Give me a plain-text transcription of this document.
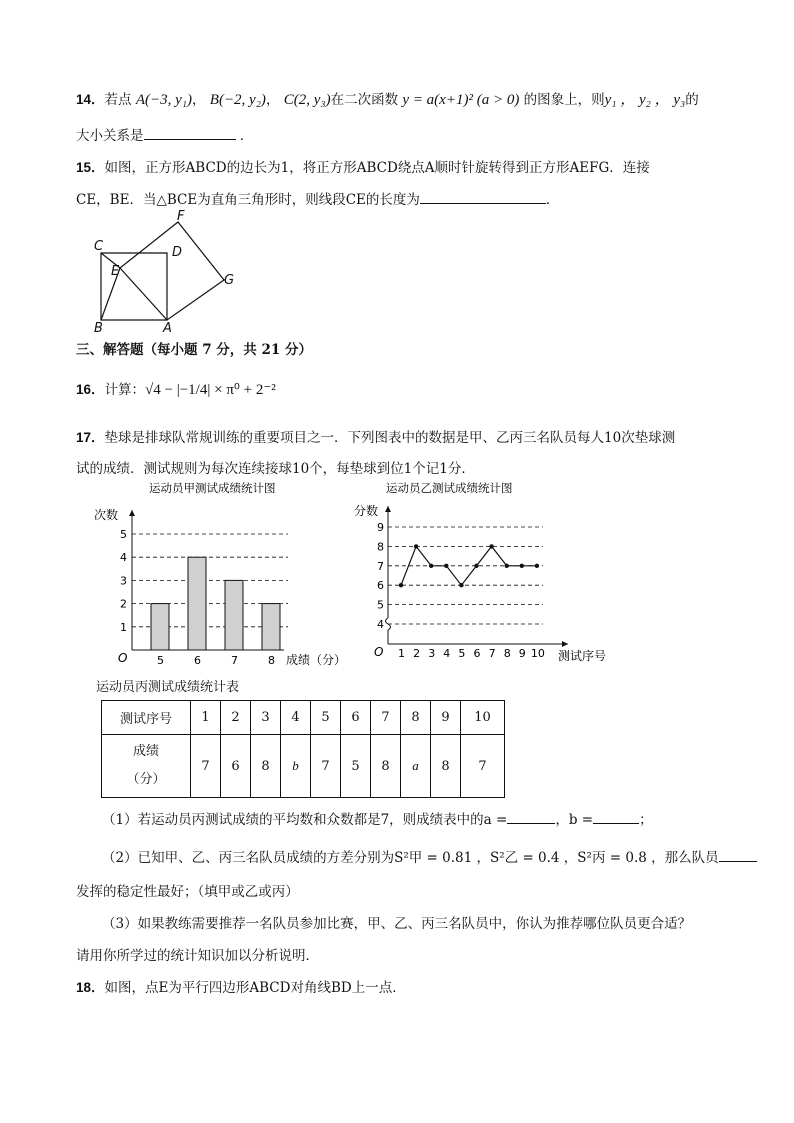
14．若点 A(−3, y₁)， B(−2, y₂)， C(2, y₃)在二次函数 y = a(x+1)² (a > 0) 的图象上，则y₁ ， y₂ ， y₃的
大小关系是	．
15．如图，正方形ABCD的边长为1，将正方形ABCD绕点A顺时针旋转得到正方形AEFG．连接
CE，BE．当△BCE为直角三角形时，则线段CE的长度为	．
F
C	D
E
G
B	A
三、解答题（每小题 7 分，共 21 分）
16．计算：√4 − |−1/4| × π⁰ + 2⁻²
17．垫球是排球队常规训练的重要项目之一．下列图表中的数据是甲、乙丙三名队员每人10次垫球测
试的成绩．测试规则为每次连续接球10个，每垫球到位1个记1分．
运动员甲测试成绩统计图
次数
O
1
2
3
4
5
5	6	7	8 成绩（分）
运动员乙测试成绩统计图
分数
O
4
5
6
7
8
9
1 2 3 4 5 6 7 8 9 10 测试序号
运动员丙测试成绩统计表
测试序号	1	2	3	4	5	6	7	8	9	10

成绩
（分）	7	6	8	b	7	5	8	a	8	7
（1）若运动员丙测试成绩的平均数和众数都是7，则成绩表中的a =	，b =	；
（2）已知甲、乙、丙三名队员成绩的方差分别为S²甲 = 0.81 ，S²乙 = 0.4 ，S²丙 = 0.8 ，那么队员
发挥的稳定性最好；（填甲或乙或丙）
（3）如果教练需要推荐一名队员参加比赛，甲、乙、丙三名队员中，你认为推荐哪位队员更合适？
请用你所学过的统计知识加以分析说明．
18．如图，点E为平行四边形ABCD对角线BD上一点．
